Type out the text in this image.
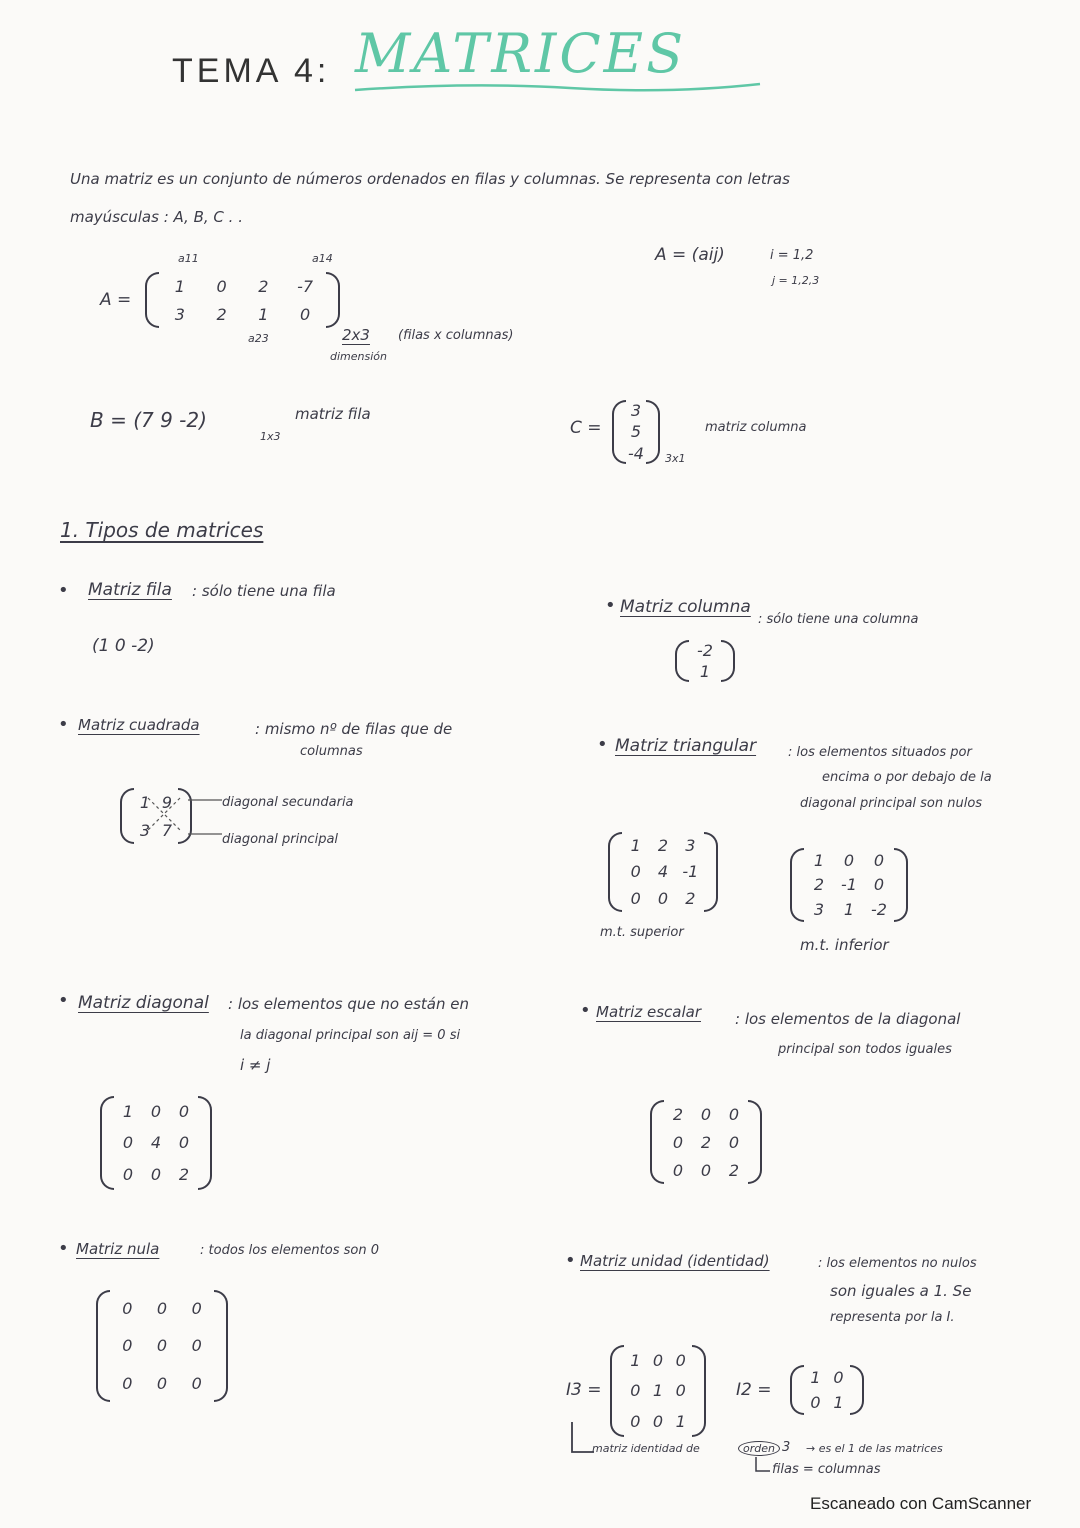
TEMA 4: MATRICES
Una matriz es un conjunto de números ordenados en filas y columnas. Se representa con letras
mayúsculas : A, B, C . .
a11	a14
A =
1 0 2 -7
3 2 1 0
a23	2x3 (filas x columnas)
dimensión
A = (aij)	i = 1,2
j = 1,2,3
B = (7 9 -2)
1x3
matriz fila
C =
3
5
-4 3x1
matriz columna
1. Tipos de matrices
• Matriz fila : sólo tiene una fila
(1 0 -2)
• Matriz columna
: sólo tiene una columna
-2
1
• Matriz cuadrada	: mismo nº de filas que de
columnas
1 9
3 7
diagonal secundaria
diagonal principal
• Matriz triangular : los elementos situados por
encima o por debajo de la
diagonal principal son nulos
1 2 3
0 4 -1
0 0 2
m.t. superior
1 0 0
2 -1 0
3 1 -2
m.t. inferior
• Matriz diagonal : los elementos que no están en
la diagonal principal son aij = 0 si
i ≠ j
1 0 0
0 4 0
0 0 2
• Matriz escalar : los elementos de la diagonal
principal son todos iguales
2 0 0
0 2 0
0 0 2
• Matriz nula	: todos los elementos son 0
0 0 0
0 0 0
0 0 0
• Matriz unidad (identidad)	: los elementos no nulos
son iguales a 1. Se
representa por la I.
I3 =
1 0 0
0 1 0
0 0 1
I2 =
1 0
0 1
matriz identidad de	orden 3 → es el 1 de las matrices
filas = columnas
Escaneado con CamScanner
